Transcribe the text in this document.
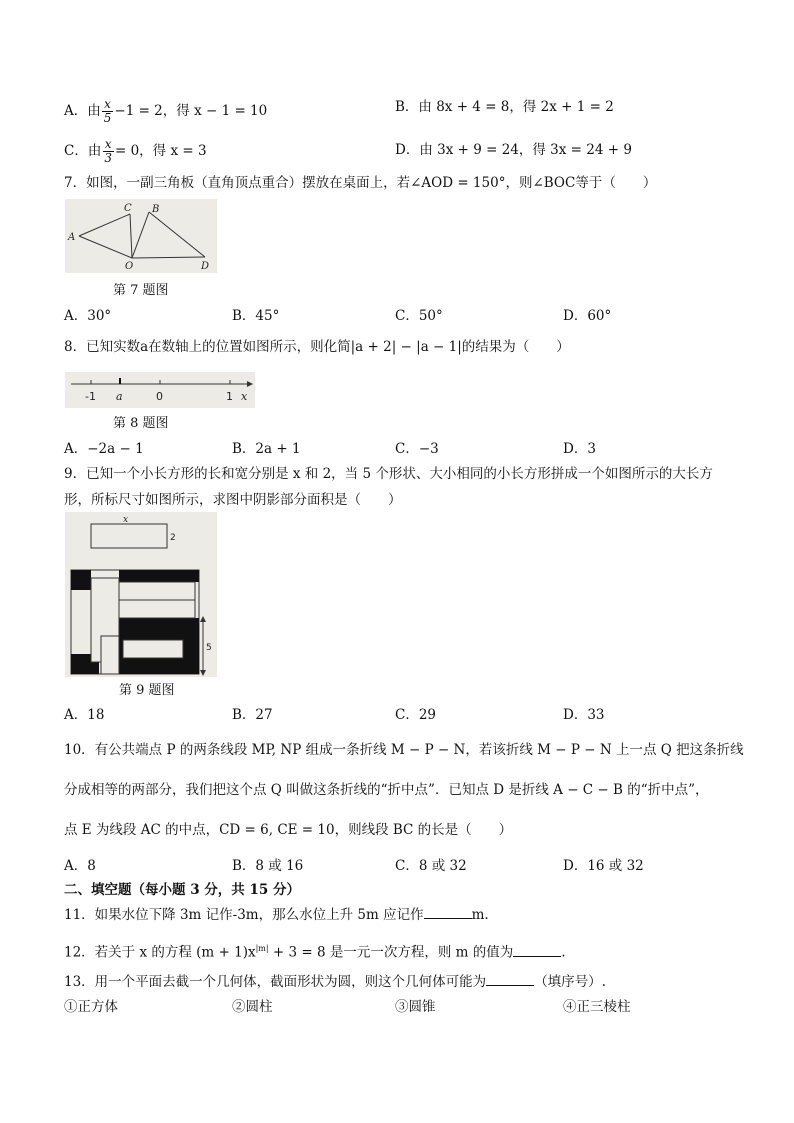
A．由 $\frac{x}{5} -1 = 2$，得 x − 1 = 10	B．由 8x + 4 = 8，得 2x + 1 = 2
C．由 $\frac{x}{3} = 0$，得 x = 3	D．由 3x + 9 = 24，得 3x = 24 + 9
7．如图，一副三角板（直角顶点重合）摆放在桌面上，若∠AOD = 150°，则∠BOC等于（　　）
A
C B
O	D
第 7 题图
A．30°	B．45°	C．50°	D．60°
8．已知实数a在数轴上的位置如图所示，则化简|a + 2| − |a − 1|的结果为（　　）
-1 a	0	1 x
第 8 题图
A．−2a − 1	B．2a + 1	C．−3	D．3
9．已知一个小长方形的长和宽分别是 x 和 2，当 5 个形状、大小相同的小长方形拼成一个如图所示的大长方
形，所标尺寸如图所示，求图中阴影部分面积是（　　）
x
2
5
第 9 题图
A．18	B．27	C．29	D．33
10．有公共端点 P 的两条线段 MP, NP 组成一条折线 M − P − N，若该折线 M − P − N 上一点 Q 把这条折线
分成相等的两部分，我们把这个点 Q 叫做这条折线的“折中点”．已知点 D 是折线 A − C − B 的“折中点”，
点 E 为线段 AC 的中点，CD = 6, CE = 10，则线段 BC 的长是（　　）
A．8	B．8 或 16	C．8 或 32	D．16 或 32
二、填空题（每小题 3 分，共 15 分）
11．如果水位下降 3m 记作-3m，那么水位上升 5m 应记作	m.
12．若关于 x 的方程 $(m + 1)x^{|m|} + 3 = 8$ 是一元一次方程，则 m 的值为	.
13．用一个平面去截一个几何体，截面形状为圆，则这个几何体可能为	（填序号）.
①正方体	②圆柱	③圆锥	④正三棱柱
